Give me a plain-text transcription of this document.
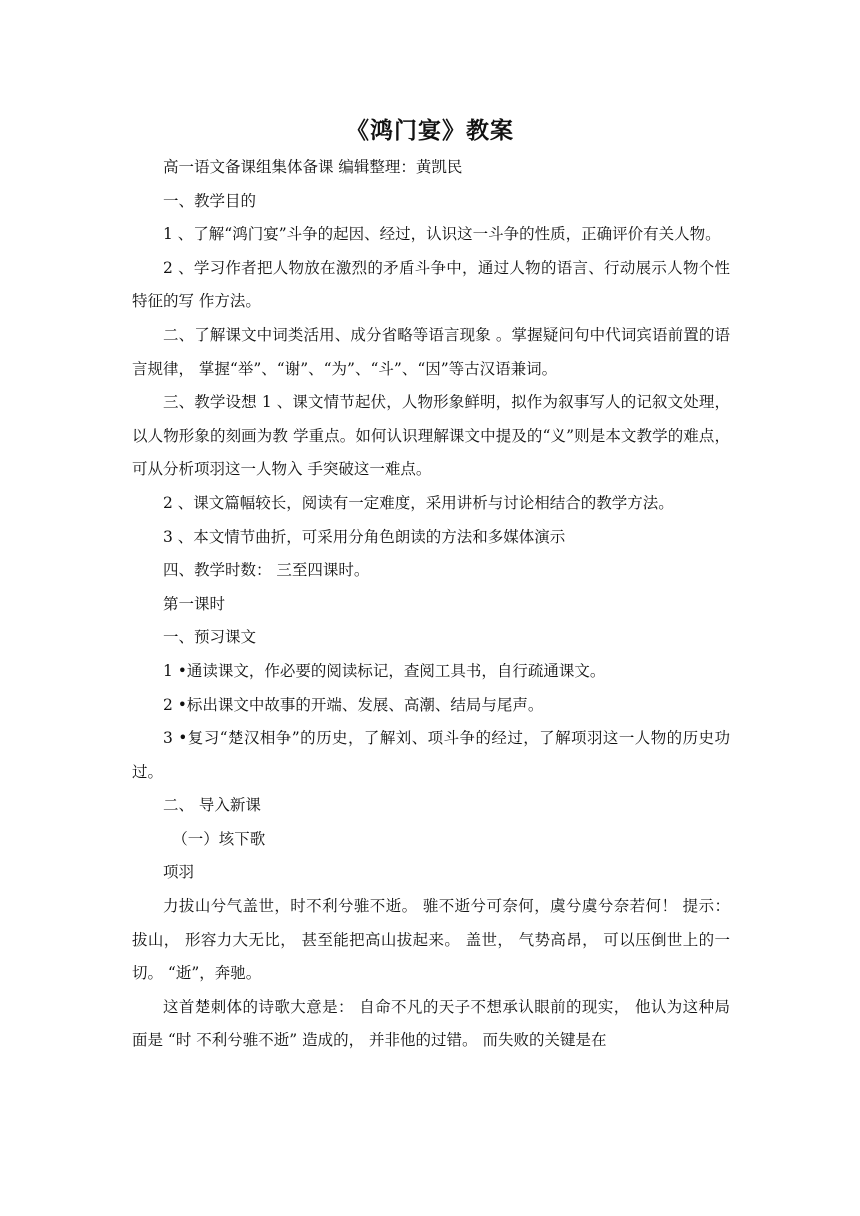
《鸿门宴》教案

高一语文备课组集体备课 编辑整理：黄凯民

一、教学目的

1 、了解“鸿门宴”斗争的起因、经过，认识这一斗争的性质，正确评价有关人物。

2 、学习作者把人物放在激烈的矛盾斗争中，通过人物的语言、行动展示人物个性特征的写 作方法。

二、了解课文中词类活用、成分省略等语言现象 。掌握疑问句中代词宾语前置的语言规律， 掌握“举”、“谢”、“为”、“斗”、“因”等古汉语兼词。

三、教学设想 1 、课文情节起伏，人物形象鲜明，拟作为叙事写人的记叙文处理，以人物形象的刻画为教 学重点。如何认识理解课文中提及的“义”则是本文教学的难点，可从分析项羽这一人物入 手突破这一难点。

2 、课文篇幅较长，阅读有一定难度，采用讲析与讨论相结合的教学方法。

3 、本文情节曲折，可采用分角色朗读的方法和多媒体演示

四、教学时数： 三至四课时。

第一课时

一、预习课文

1 •通读课文，作必要的阅读标记，查阅工具书，自行疏通课文。

2 •标出课文中故事的开端、发展、高潮、结局与尾声。

3 •复习“楚汉相争”的历史，了解刘、项斗争的经过，了解项羽这一人物的历史功过。

二、 导入新课

（一）垓下歌

项羽

力拔山兮气盖世，时不利兮骓不逝。 骓不逝兮可奈何，虞兮虞兮奈若何！ 提示： 拔山， 形容力大无比， 甚至能把高山拔起来。 盖世， 气势高昂， 可以压倒世上的一切。 “逝”，奔驰。

这首楚刺体的诗歌大意是： 自命不凡的天子不想承认眼前的现实， 他认为这种局面是 “时 不利兮骓不逝” 造成的， 并非他的过错。 而失败的关键是在
